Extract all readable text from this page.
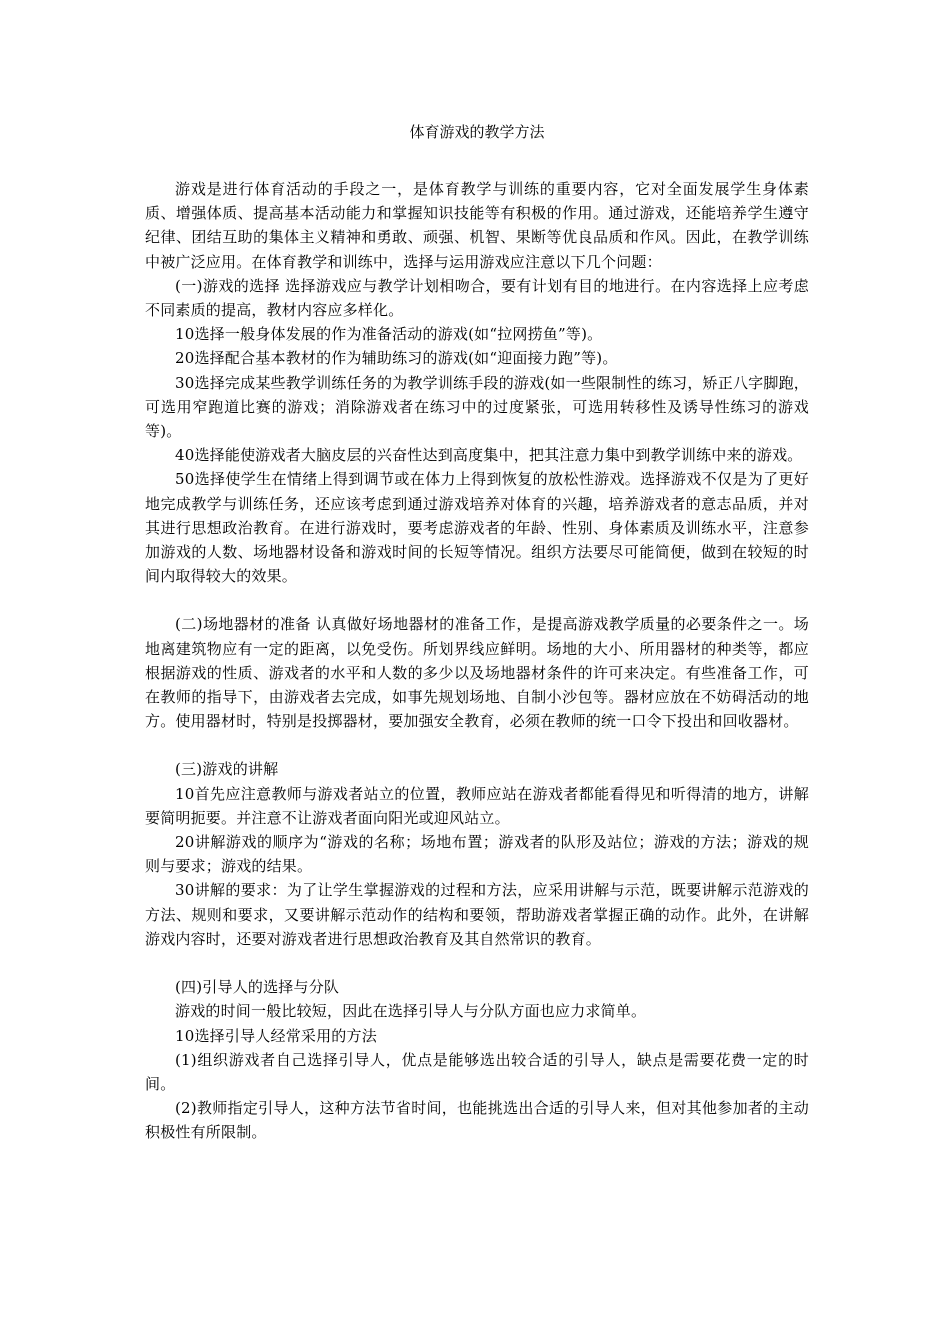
体育游戏的教学方法

游戏是进行体育活动的手段之一，是体育教学与训练的重要内容，它对全面发展学生身体素质、增强体质、提高基本活动能力和掌握知识技能等有积极的作用。通过游戏，还能培养学生遵守纪律、团结互助的集体主义精神和勇敢、顽强、机智、果断等优良品质和作风。因此，在教学训练中被广泛应用。在体育教学和训练中，选择与运用游戏应注意以下几个问题：

(一)游戏的选择 选择游戏应与教学计划相吻合，要有计划有目的地进行。在内容选择上应考虑不同素质的提高，教材内容应多样化。

10选择一般身体发展的作为准备活动的游戏(如“拉网捞鱼”等)。

20选择配合基本教材的作为辅助练习的游戏(如“迎面接力跑”等)。

30选择完成某些教学训练任务的为教学训练手段的游戏(如一些限制性的练习，矫正八字脚跑，可选用窄跑道比赛的游戏；消除游戏者在练习中的过度紧张，可选用转移性及诱导性练习的游戏等)。

40选择能使游戏者大脑皮层的兴奋性达到高度集中，把其注意力集中到教学训练中来的游戏。

50选择使学生在情绪上得到调节或在体力上得到恢复的放松性游戏。选择游戏不仅是为了更好地完成教学与训练任务，还应该考虑到通过游戏培养对体育的兴趣，培养游戏者的意志品质，并对其进行思想政治教育。在进行游戏时，要考虑游戏者的年龄、性别、身体素质及训练水平，注意参加游戏的人数、场地器材设备和游戏时间的长短等情况。组织方法要尽可能简便，做到在较短的时间内取得较大的效果。

(二)场地器材的准备 认真做好场地器材的准备工作，是提高游戏教学质量的必要条件之一。场地离建筑物应有一定的距离，以免受伤。所划界线应鲜明。场地的大小、所用器材的种类等，都应根据游戏的性质、游戏者的水平和人数的多少以及场地器材条件的许可来决定。有些准备工作，可在教师的指导下，由游戏者去完成，如事先规划场地、自制小沙包等。器材应放在不妨碍活动的地方。使用器材时，特别是投掷器材，要加强安全教育，必须在教师的统一口令下投出和回收器材。

(三)游戏的讲解

10首先应注意教师与游戏者站立的位置，教师应站在游戏者都能看得见和听得清的地方，讲解要简明扼要。并注意不让游戏者面向阳光或迎风站立。

20讲解游戏的顺序为“游戏的名称；场地布置；游戏者的队形及站位；游戏的方法；游戏的规则与要求；游戏的结果。

30讲解的要求：为了让学生掌握游戏的过程和方法，应采用讲解与示范，既要讲解示范游戏的方法、规则和要求，又要讲解示范动作的结构和要领，帮助游戏者掌握正确的动作。此外，在讲解游戏内容时，还要对游戏者进行思想政治教育及其自然常识的教育。

(四)引导人的选择与分队

游戏的时间一般比较短，因此在选择引导人与分队方面也应力求简单。

10选择引导人经常采用的方法

(1)组织游戏者自己选择引导人，优点是能够选出较合适的引导人，缺点是需要花费一定的时间。

(2)教师指定引导人，这种方法节省时间，也能挑选出合适的引导人来，但对其他参加者的主动积极性有所限制。
